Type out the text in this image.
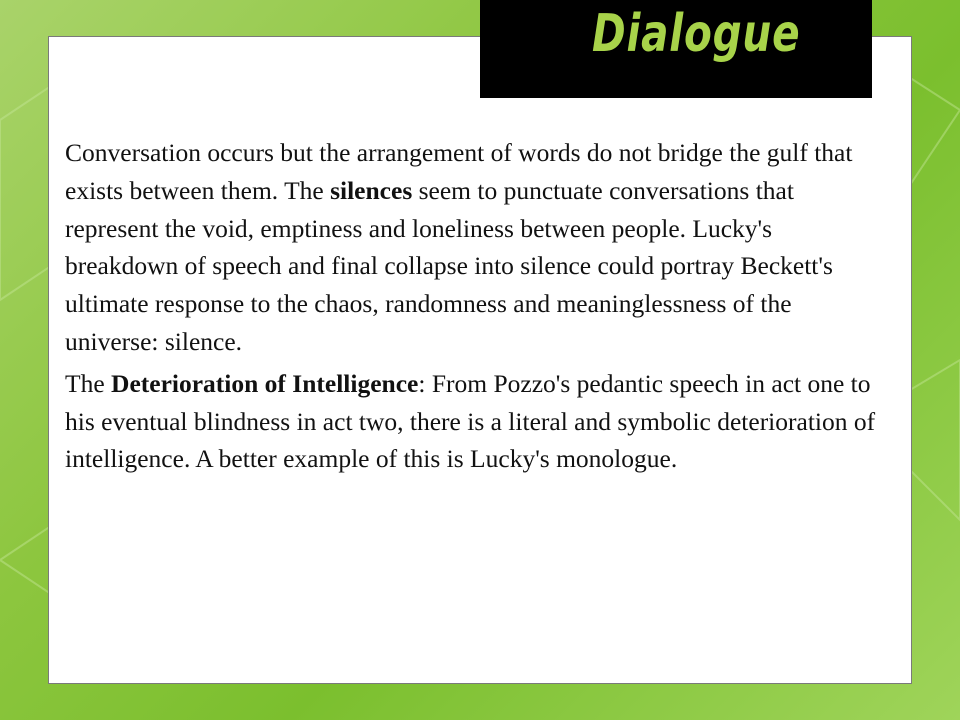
Dialogue

Conversation occurs but the arrangement of words do not bridge the gulf that exists between them. The silences seem to punctuate conversations that represent the void, emptiness and loneliness between people. Lucky's breakdown of speech and final collapse into silence could portray Beckett's ultimate response to the chaos, randomness and meaninglessness of the universe: silence.

The Deterioration of Intelligence: From Pozzo's pedantic speech in act one to his eventual blindness in act two, there is a literal and symbolic deterioration of intelligence. A better example of this is Lucky's monologue.
